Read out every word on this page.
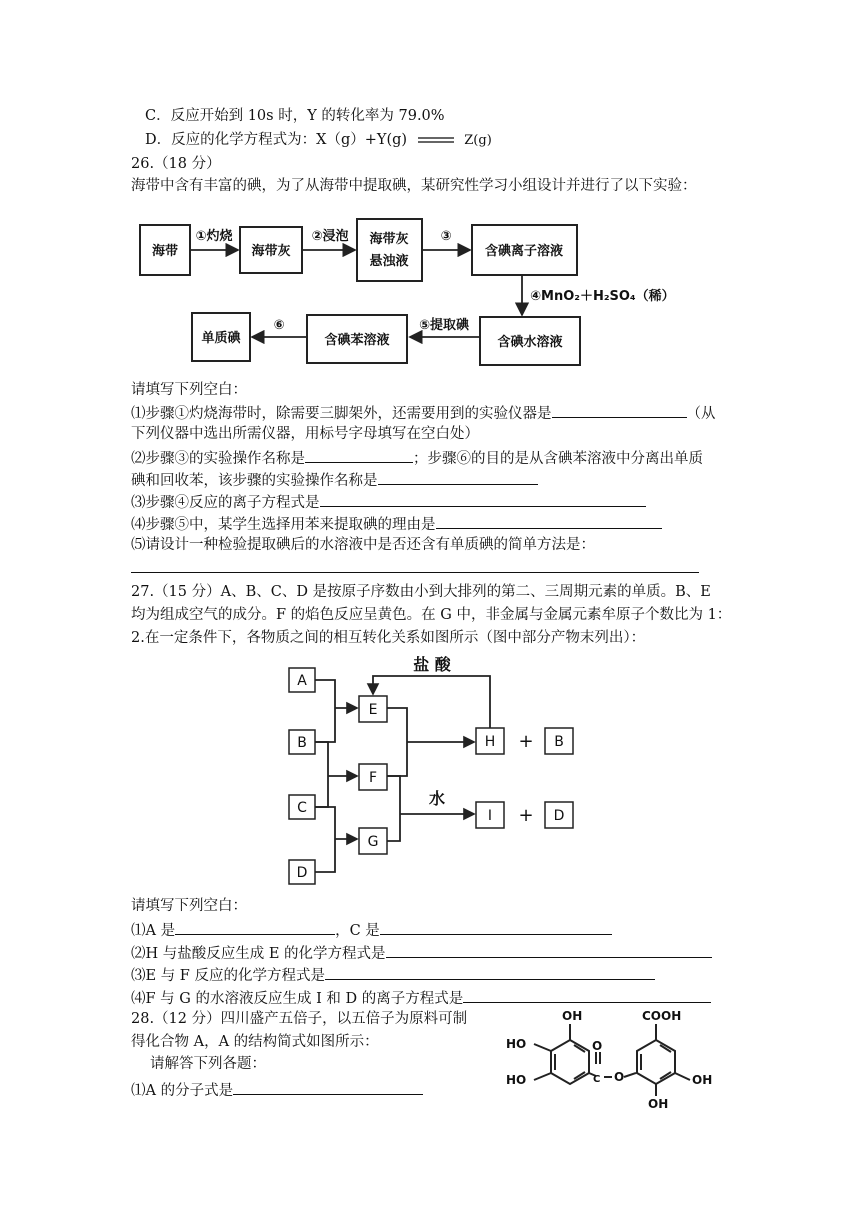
C．反应开始到 10s 时，Y 的转化率为 79.0%
D．反应的化学方程式为：X（g）+Y(g)	Z(g)
26.（18 分）
海带中含有丰富的碘，为了从海带中提取碘，某研究性学习小组设计并进行了以下实验：
海带
①灼烧
海带灰
②浸泡 海带灰
悬浊液
③
含碘离子溶液
④MnO₂＋H₂SO₄（稀）
含碘水溶液
⑤提取碘
含碘苯溶液
⑥
单质碘
请填写下列空白：
⑴步骤①灼烧海带时，除需要三脚架外，还需要用到的实验仪器是	（从
下列仪器中选出所需仪器，用标号字母填写在空白处）
⑵步骤③的实验操作名称是	；步骤⑥的目的是从含碘苯溶液中分离出单质
碘和回收苯，该步骤的实验操作名称是
⑶步骤④反应的离子方程式是
⑷步骤⑤中，某学生选择用苯来提取碘的理由是
⑸请设计一种检验提取碘后的水溶液中是否还含有单质碘的简单方法是：
27.（15 分）A、B、C、D 是按原子序数由小到大排列的第二、三周期元素的单质。B、E
均为组成空气的成分。F 的焰色反应呈黄色。在 G 中，非金属与金属元素牟原子个数比为 1：
2.在一定条件下，各物质之间的相互转化关系如图所示（图中部分产物末列出）：
A
B
C
D
E
F
G
盐 酸
水
H + B
I + D
请填写下列空白：
⑴A 是	，C 是
⑵H 与盐酸反应生成 E 的化学方程式是
⑶E 与 F 反应的化学方程式是
⑷F 与 G 的水溶液反应生成 I 和 D 的离子方程式是
28.（12 分）四川盛产五倍子，以五倍子为原料可制
得化合物 A，A 的结构简式如图所示：
请解答下列各题：
⑴A 的分子式是
OH
HO
HO	C
O
O
COOH
OH
OH
